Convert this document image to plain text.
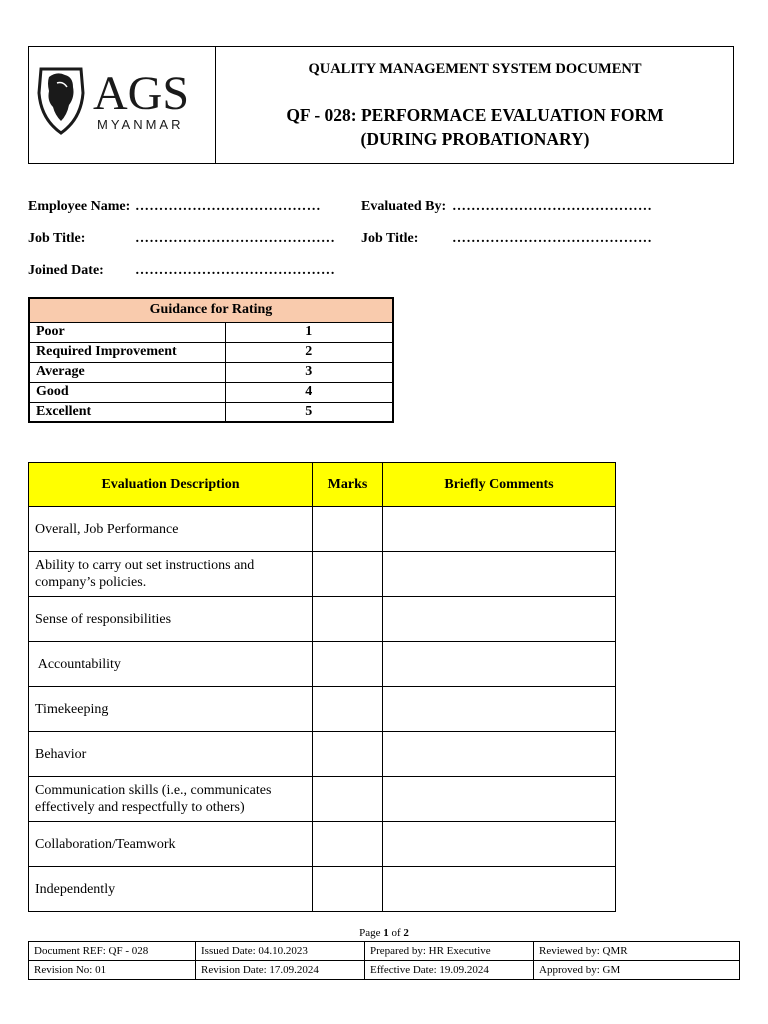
AGS
MYANMAR
QUALITY MANAGEMENT SYSTEM DOCUMENT
QF - 028: PERFORMACE EVALUATION FORM
(DURING PROBATIONARY)
Employee Name: …………………………………	Evaluated By: ……………………………………
Job Title:	…………………………………… Job Title: ……………………………………
Joined Date: ……………………………………
Guidance for Rating	
Poor	1
Required Improvement	2
Average	3
Good	4
Excellent	5
Evaluation Description	Marks	Briefly Comments
Overall, Job Performance		
Ability to carry out set instructions and company’s policies.		
Sense of responsibilities		
Accountability		
Timekeeping		
Behavior		
Communication skills (i.e., communicates effectively and respectfully to others)		
Collaboration/Teamwork		
Independently		
Page 1 of 2
Document REF: QF - 028	Issued Date: 04.10.2023	Prepared by: HR Executive	Reviewed by: QMR
Revision No: 01	Revision Date: 17.09.2024	Effective Date: 19.09.2024	Approved by: GM
